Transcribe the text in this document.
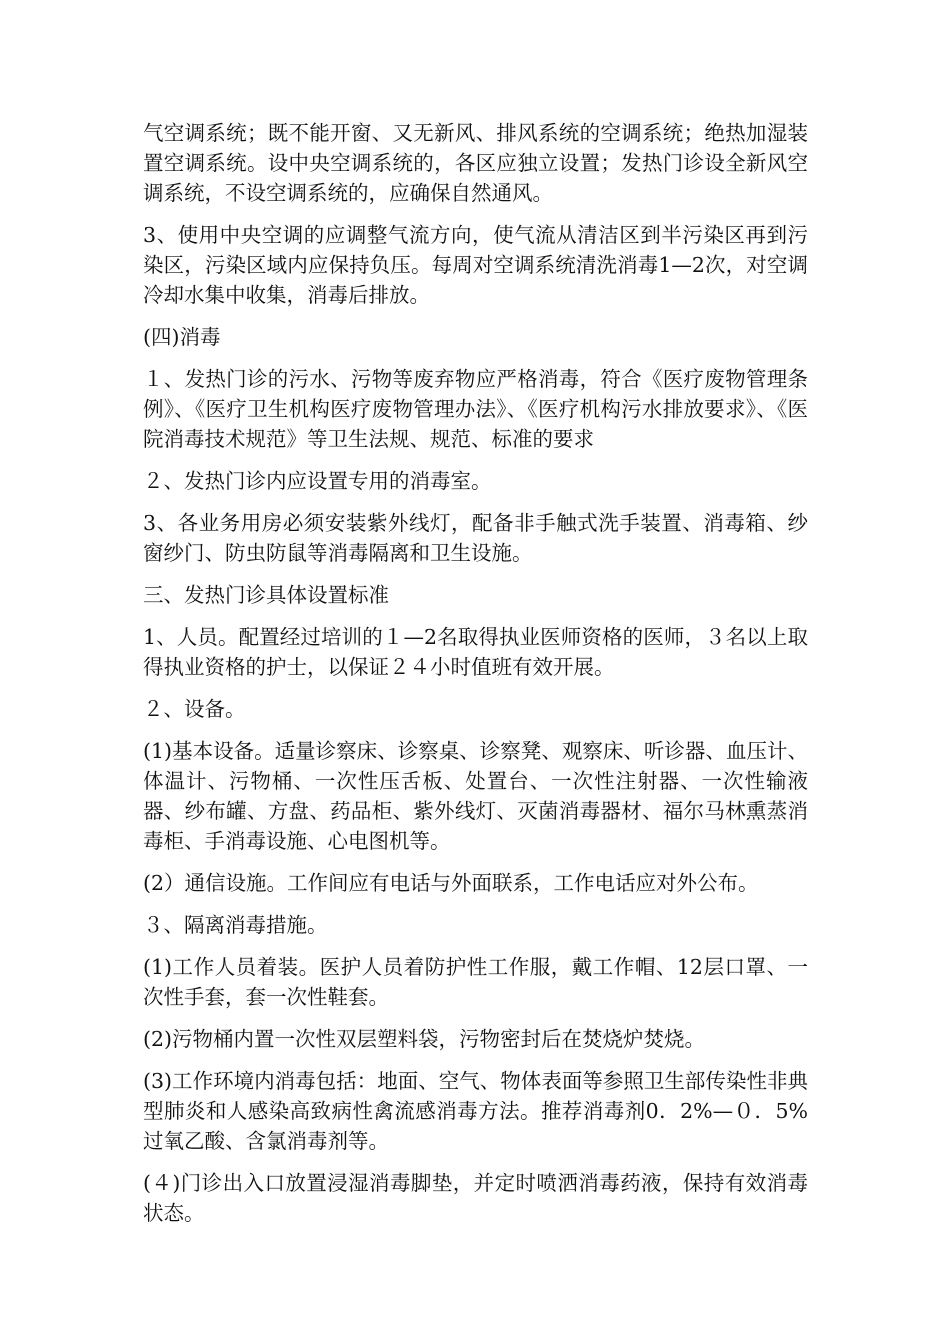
气空调系统；既不能开窗、又无新风、排风系统的空调系统；绝热加湿装置空调系统。设中央空调系统的，各区应独立设置；发热门诊设全新风空调系统，不设空调系统的，应确保自然通风。

3、使用中央空调的应调整气流方向，使气流从清洁区到半污染区再到污染区，污染区域内应保持负压。每周对空调系统清洗消毒1—2次，对空调冷却水集中收集，消毒后排放。

(四)消毒

１、发热门诊的污水、污物等废弃物应严格消毒，符合《医疗废物管理条例》、《医疗卫生机构医疗废物管理办法》、《医疗机构污水排放要求》、《医院消毒技术规范》等卫生法规、规范、标准的要求

２、发热门诊内应设置专用的消毒室。

3、各业务用房必须安装紫外线灯，配备非手触式洗手装置、消毒箱、纱窗纱门、防虫防鼠等消毒隔离和卫生设施。

三、发热门诊具体设置标准

1、人员。配置经过培训的１—2名取得执业医师资格的医师，３名以上取得执业资格的护士，以保证２４小时值班有效开展。

２、设备。

(1)基本设备。适量诊察床、诊察桌、诊察凳、观察床、听诊器、血压计、体温计、污物桶、一次性压舌板、处置台、一次性注射器、一次性输液器、纱布罐、方盘、药品柜、紫外线灯、灭菌消毒器材、福尔马林熏蒸消毒柜、手消毒设施、心电图机等。

(2）通信设施。工作间应有电话与外面联系，工作电话应对外公布。

３、隔离消毒措施。

(1)工作人员着装。医护人员着防护性工作服，戴工作帽、12层口罩、一次性手套，套一次性鞋套。

(2)污物桶内置一次性双层塑料袋，污物密封后在焚烧炉焚烧。

(3)工作环境内消毒包括：地面、空气、物体表面等参照卫生部传染性非典型肺炎和人感染高致病性禽流感消毒方法。推荐消毒剂0．2%—０．5%过氧乙酸、含氯消毒剂等。

(４)门诊出入口放置浸湿消毒脚垫，并定时喷洒消毒药液，保持有效消毒状态。
